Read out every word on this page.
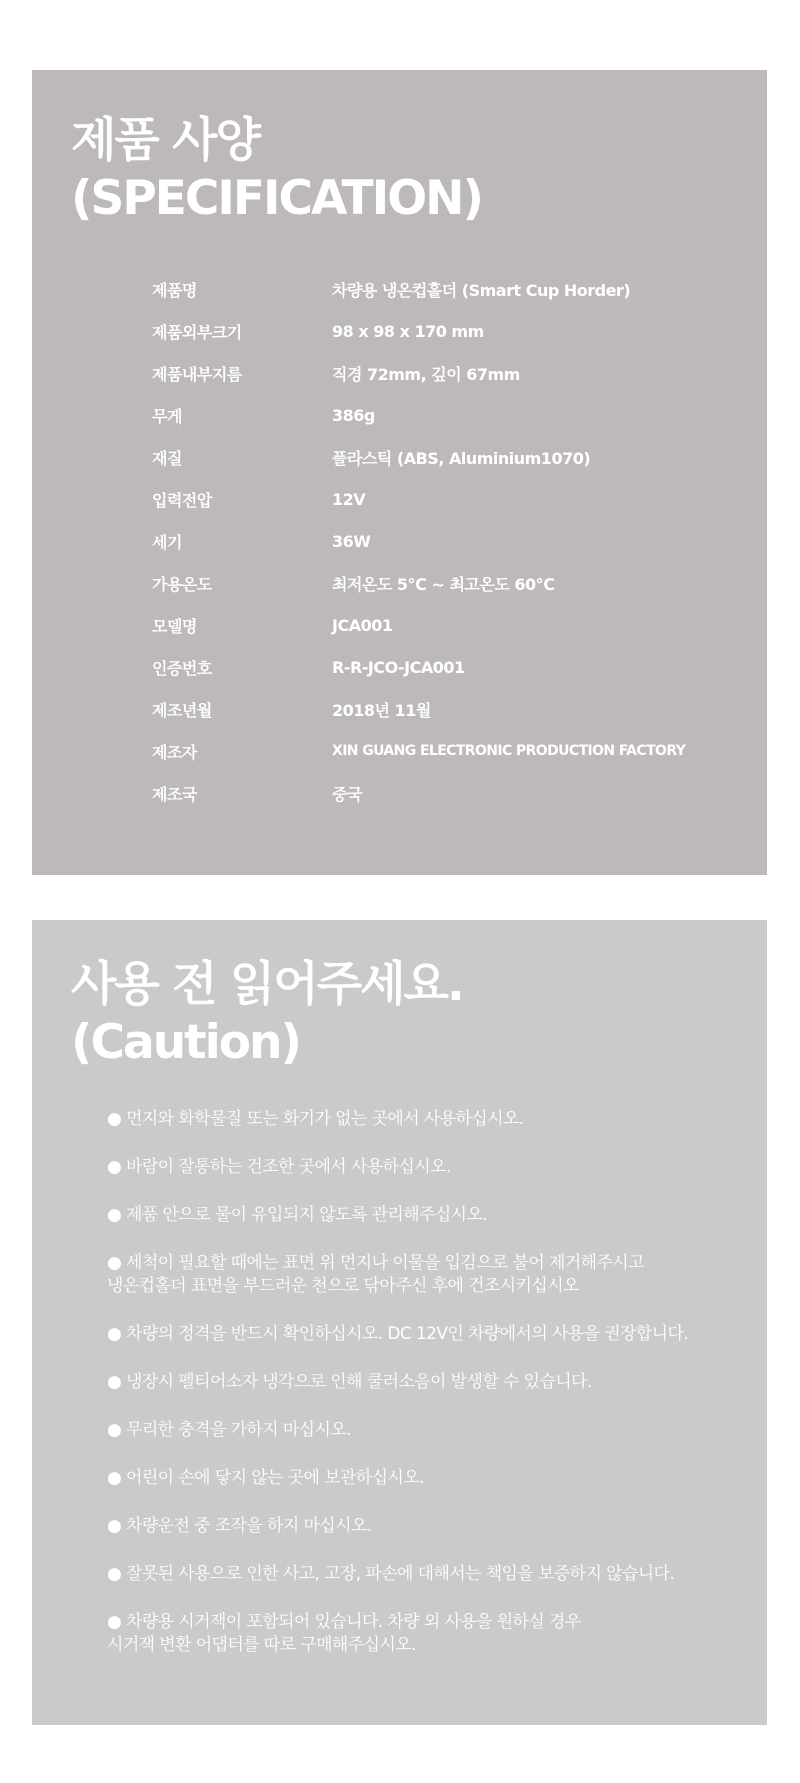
제품 사양
(SPECIFICATION)
제품명	차량용 냉온컵홀더 (Smart Cup Horder)
제품외부크기	98 x 98 x 170 mm
제품내부지름	직경 72mm, 깊이 67mm
무게	386g
재질	플라스틱 (ABS, Aluminium1070)
입력전압	12V
세기	36W
가용온도	최저온도 5℃ ~ 최고온도 60℃
모델명	JCA001
인증번호	R-R-JCO-JCA001
제조년월	2018년 11월
제조자	XIN GUANG ELECTRONIC PRODUCTION FACTORY
제조국	중국
사용 전 읽어주세요.
(Caution)
● 먼지와 화학물질 또는 화기가 없는 곳에서 사용하십시오.
● 바람이 잘통하는 건조한 곳에서 사용하십시오.
● 제품 안으로 물이 유입되지 않도록 관리해주십시오.
● 세척이 필요할 때에는 표면 위 먼지나 이물을 입김으로 불어 제거해주시고
냉온컵홀더 표면을 부드러운 천으로 닦아주신 후에 건조시키십시오
● 차량의 정격을 반드시 확인하십시오. DC 12V인 차량에서의 사용을 권장합니다.
● 냉장시 펠티어소자 냉각으로 인해 쿨러소음이 발생할 수 있습니다.
● 무리한 충격을 가하지 마십시오.
● 어린이 손에 닿지 않는 곳에 보관하십시오.
● 차량운전 중 조작을 하지 마십시오.
● 잘못된 사용으로 인한 사고, 고장, 파손에 대해서는 책임을 보증하지 않습니다.
● 차량용 시거잭이 포함되어 있습니다. 차량 외 사용을 원하실 경우
시거잭 변환 어댑터를 따로 구매해주십시오.
